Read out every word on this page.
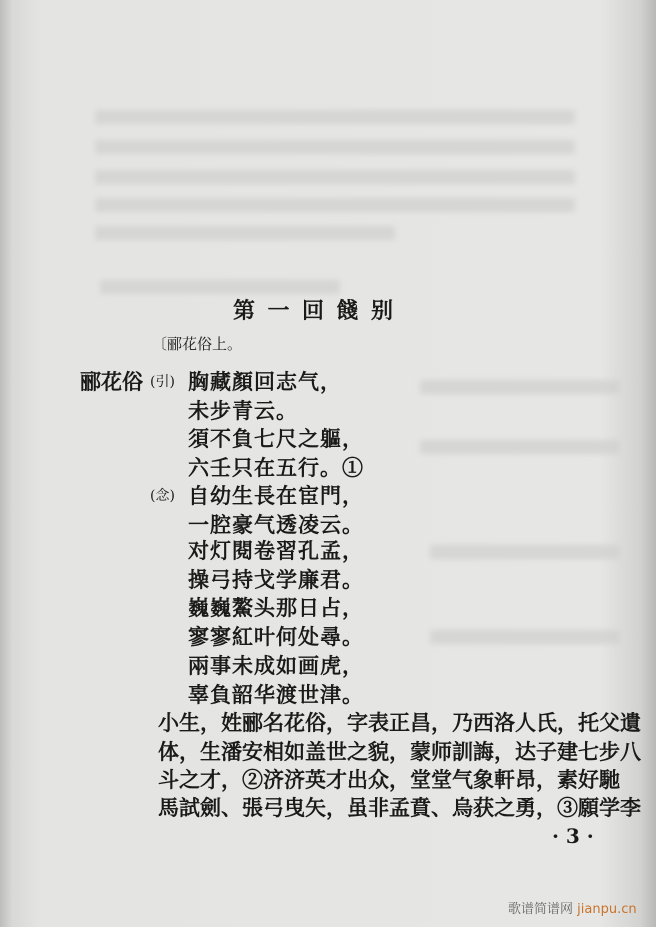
第 一 回 餞 别
〔郦花俗上。
郦花俗 (引)
(念)
胸藏顏回志气，
未步青云。
須不負七尺之軀，
六壬只在五行。①
自幼生長在宦門，
一腔豪气透凌云。
对灯閱卷習孔孟，
操弓持戈学廉君。
巍巍鰲头那日占，
寥寥紅叶何处尋。
兩事未成如画虎，
辜負韶华渡世津。
小生，姓郦名花俗，字表正昌，乃西洛人氏，托父遺
体，生潘安相如盖世之貌，蒙师訓誨，达子建七步八
斗之才，②济济英才出众，堂堂气象軒昂，素好馳
馬試劍、張弓曳矢，虽非孟賁、烏获之勇，③願学李
· 3 ·
歌谱简谱网 jianpu.cn
